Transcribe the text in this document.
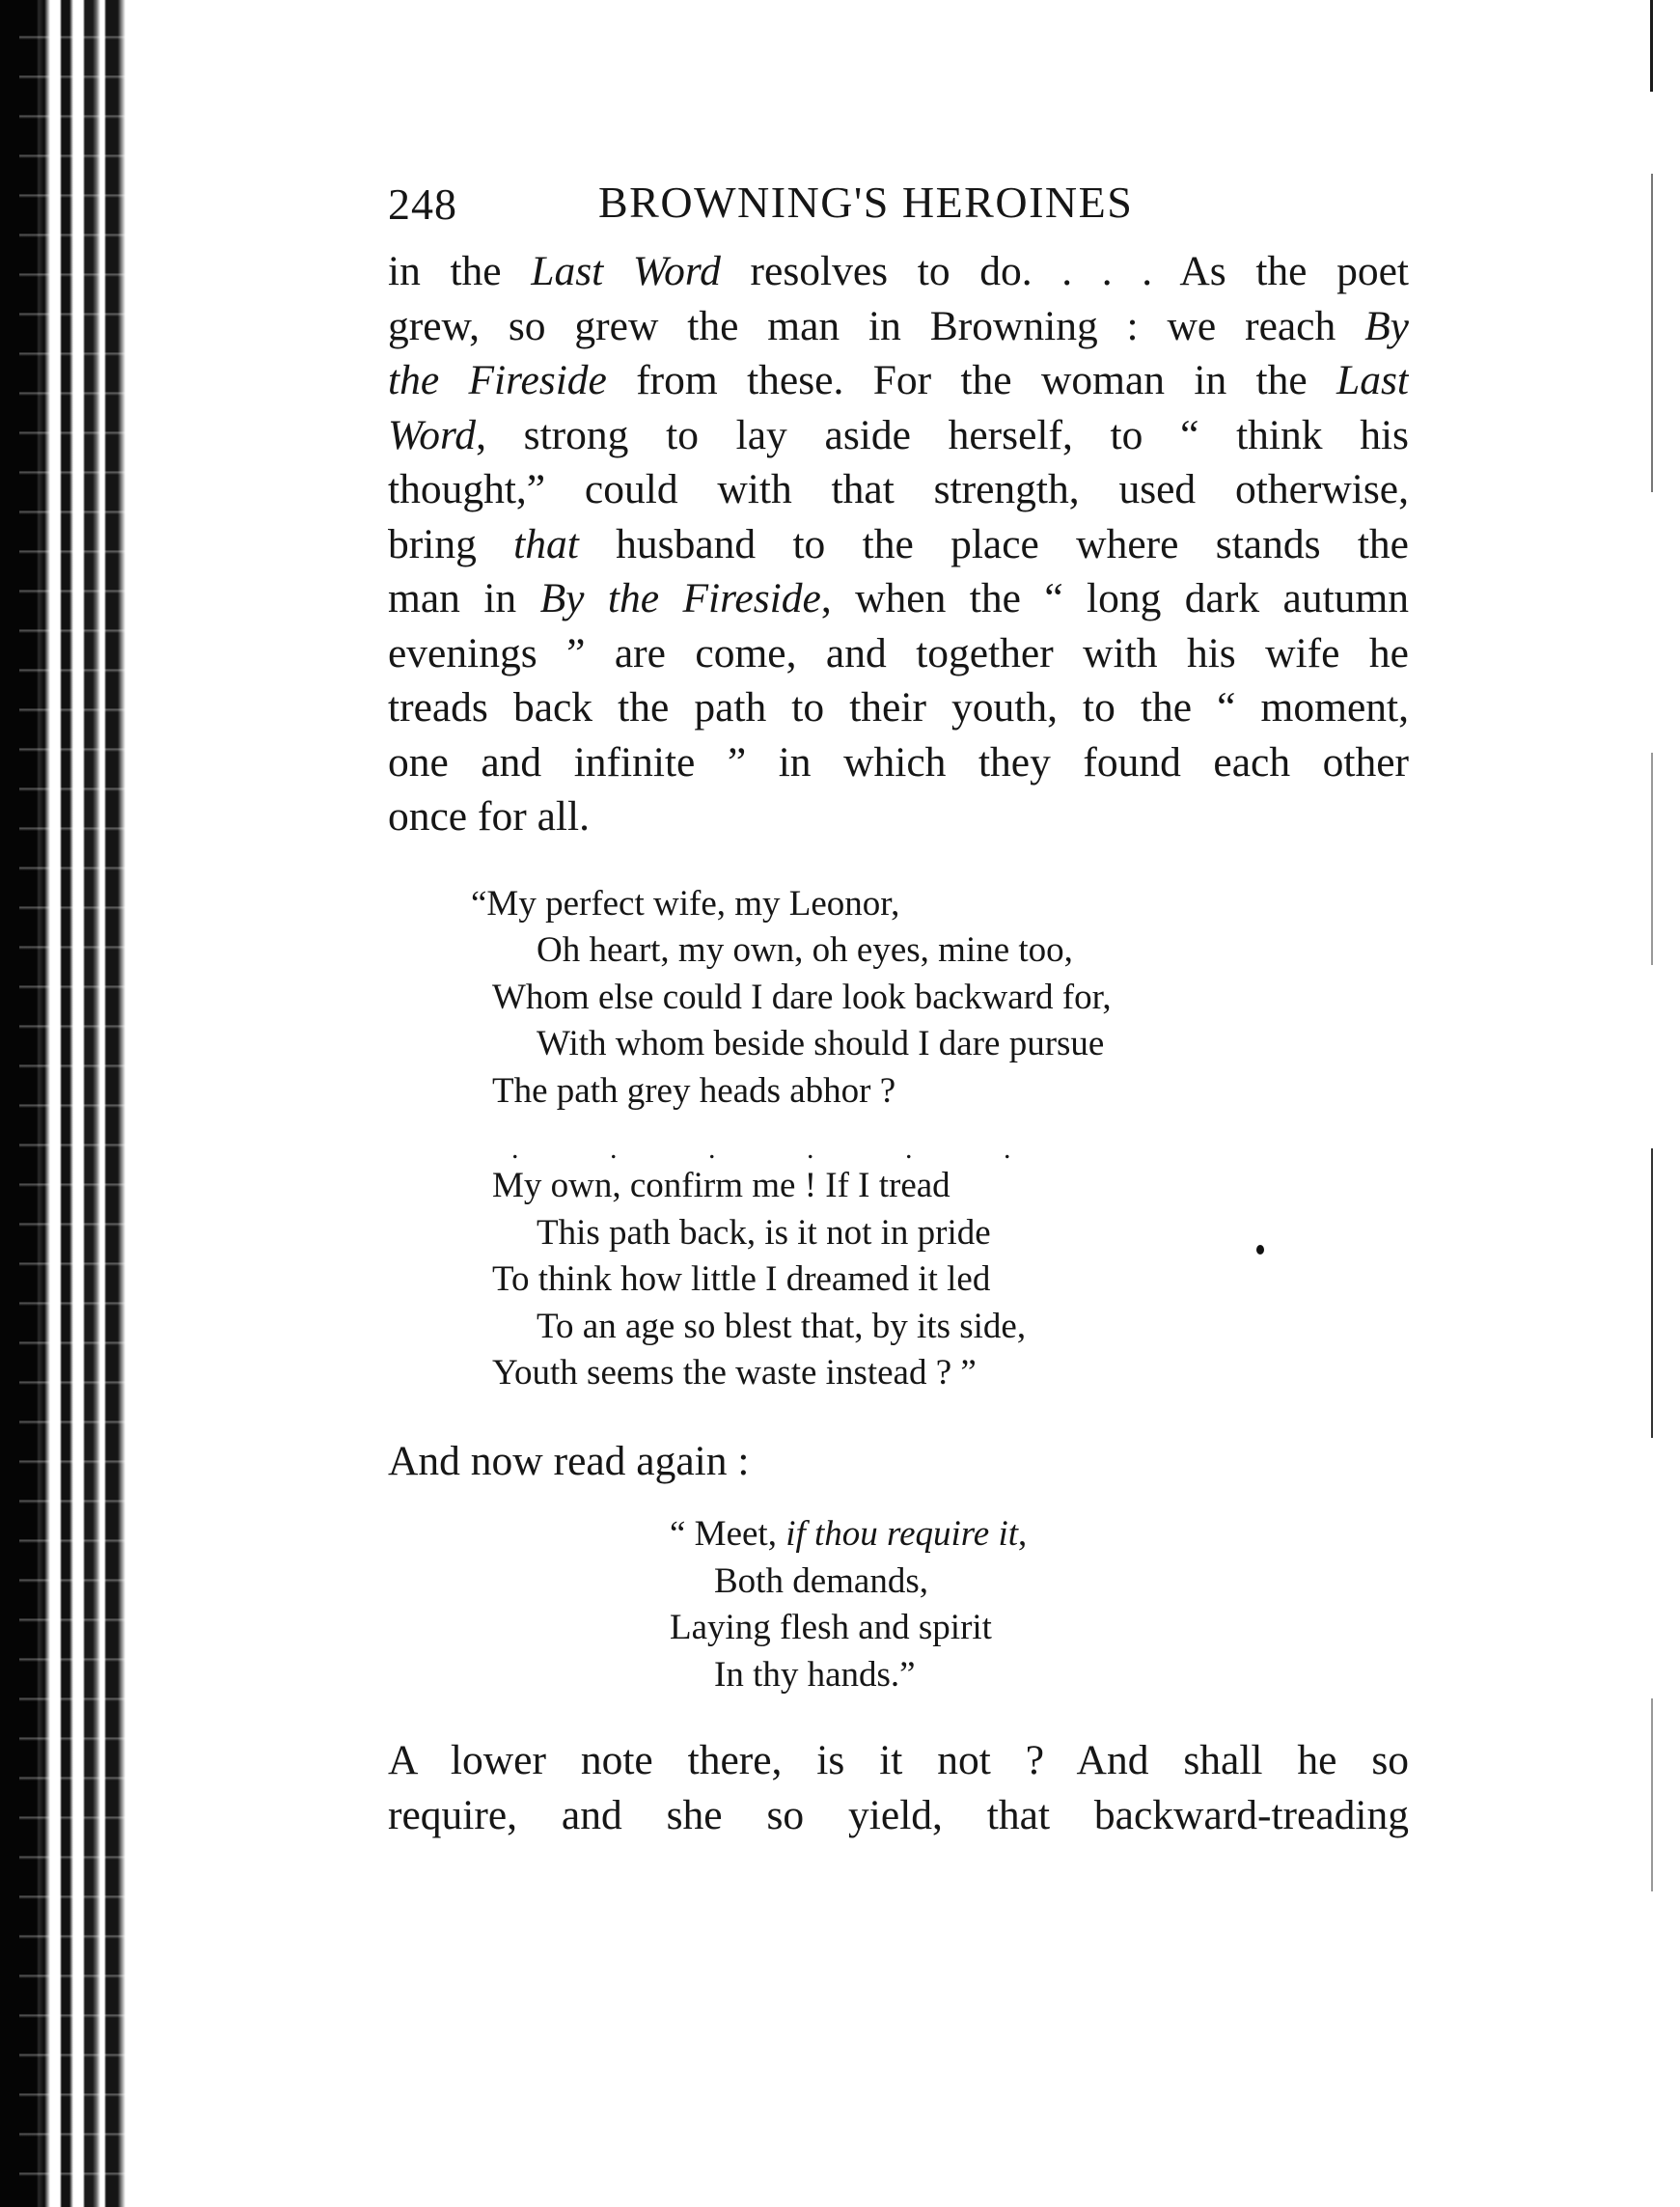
248	BROWNING'S HEROINES
in the Last Word resolves to do. . . . As the poet
grew, so grew the man in Browning : we reach By
the Fireside from these. For the woman in the Last
Word, strong to lay aside herself, to “ think his
thought,” could with that strength, used otherwise,
bring that husband to the place where stands the
man in By the Fireside, when the “ long dark autumn
evenings ” are come, and together with his wife he
treads back the path to their youth, to the “ moment,
one and infinite ” in which they found each other
once for all.
“My perfect wife, my Leonor,
Oh heart, my own, oh eyes, mine too,
Whom else could I dare look backward for,
With whom beside should I dare pursue
The path grey heads abhor ?
.	.	.	.	.	.
My own, confirm me ! If I tread
This path back, is it not in pride
To think how little I dreamed it led
To an age so blest that, by its side,
Youth seems the waste instead ? ”
And now read again :
“ Meet, if thou require it,
Both demands,
Laying flesh and spirit
In thy hands.”
A lower note there, is it not ? And shall he so
require, and she so yield, that backward-treading
